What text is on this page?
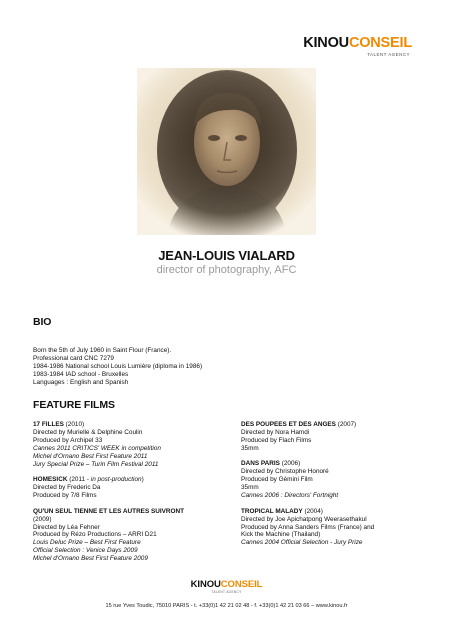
KINOUCONSEIL
TALENT AGENCY
JEAN-LOUIS VIALARD
director of photography, AFC
BIO
Born the 5th of July 1960 in Saint Flour (France).
Professional card CNC 7279
1984-1986 National school Louis Lumière (diploma in 1986)
1983-1984 IAD school - Bruxelles
Languages : English and Spanish
FEATURE FILMS
17 FILLES (2010)
Directed by Murielle & Delphine Coulin
Produced by Archipel 33
Cannes 2011 CRITICS' WEEK in competition
Michel d'Ornano Best First Feature 2011
Jury Special Prize – Turin Film Festival 2011
HOMESICK (2011 - in post-production)
Directed by Frederic Da
Produced by 7/8 Films
QU'UN SEUL TIENNE ET LES AUTRES SUIVRONT
(2009)
Directed by Léa Fehner
Produced by Rézo Productions – ARRI D21
Louis Deluc Prize – Best First Feature
Official Selection : Venice Days 2009
Michel d'Ornano Best First Feature 2009
DES POUPEES ET DES ANGES (2007)
Directed by Nora Hamdi
Produced by Flach Films
35mm
DANS PARIS (2006)
Directed by Christophe Honoré
Produced by Gémini Film
35mm
Cannes 2006 : Directors' Fortnight
TROPICAL MALADY (2004)
Directed by Joe Apichatpong Weerasethakul
Produced by Anna Sanders Films (France) and
Kick the Machine (Thailand)
Cannes 2004 Official Selection - Jury Prize
KINOUCONSEIL
TALENT AGENCY
15 rue Yves Toudic, 75010 PARIS - t. +33(0)1 42 21 02 48 - f. +33(0)1 42 21 03 66 – www.kinou.fr
